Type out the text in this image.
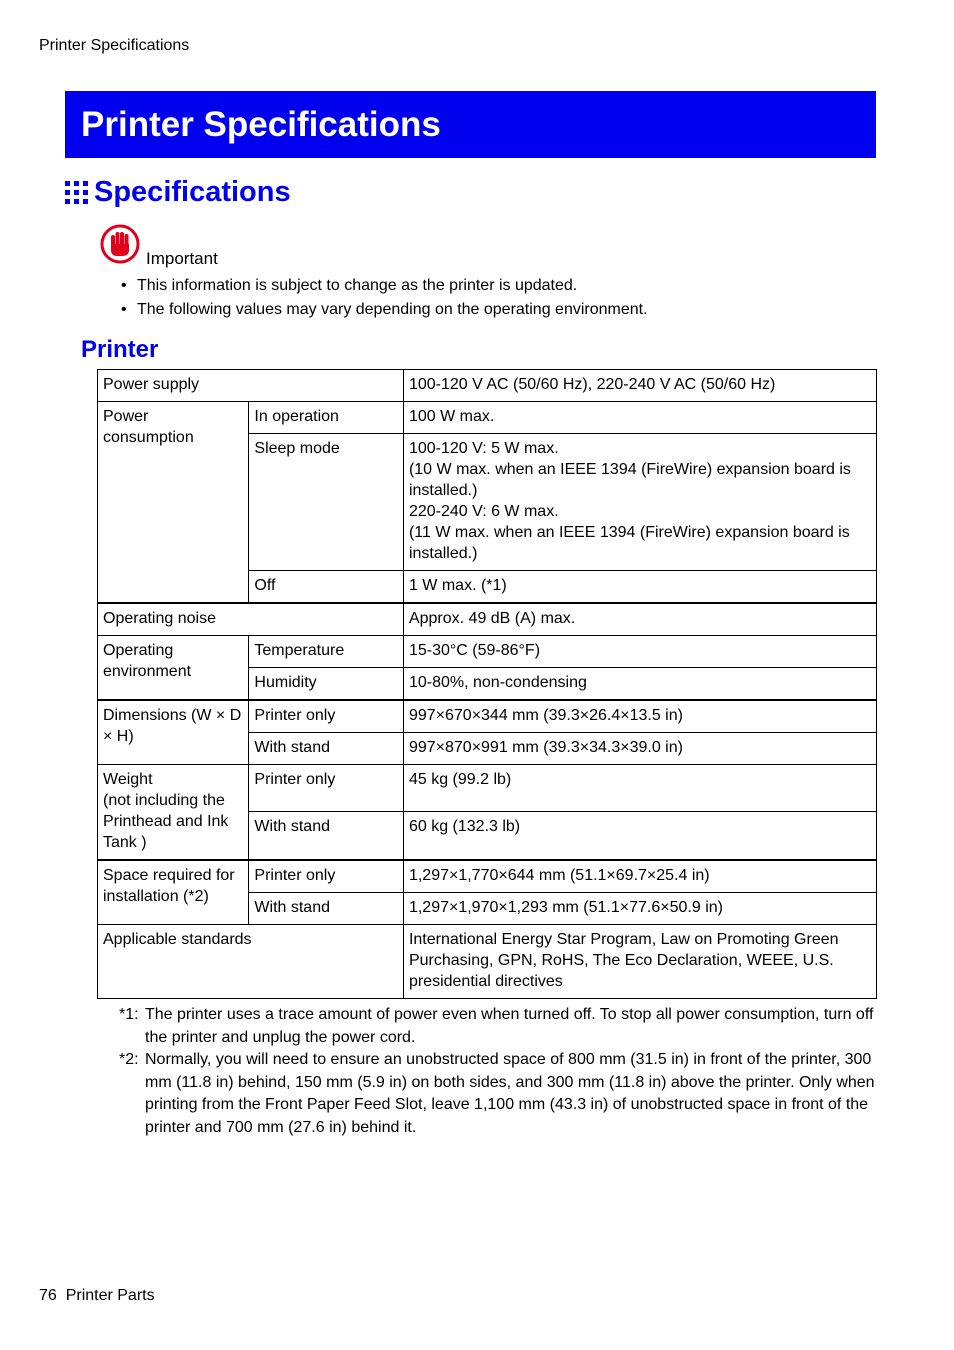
Printer Specifications
Printer Specifications
Specifications
Important
• This information is subject to change as the printer is updated.
• The following values may vary depending on the operating environment.
Printer
Power supply		100-120 V AC (50/60 Hz), 220-240 V AC (50/60 Hz)
Power consumption	In operation	100 W max.
	Sleep mode	100-120 V: 5 W max.
(10 W max. when an IEEE 1394 (FireWire) expansion board is installed.)
220-240 V: 6 W max.
(11 W max. when an IEEE 1394 (FireWire) expansion board is installed.)

	Off	1 W max. (*1)
Operating noise		Approx. 49 dB (A) max.
Operating environment	Temperature	15-30°C (59-86°F)
	Humidity	10-80%, non-condensing
Dimensions (W × D × H)	Printer only	997×670×344 mm (39.3×26.4×13.5 in)
	With stand	997×870×991 mm (39.3×34.3×39.0 in)

Weight
(not including the Printhead and Ink Tank )	Printer only	45 kg (99.2 lb)
	With stand	60 kg (132.3 lb)
Space required for installation (*2)	Printer only	1,297×1,770×644 mm (51.1×69.7×25.4 in)
	With stand	1,297×1,970×1,293 mm (51.1×77.6×50.9 in)
Applicable standards		International Energy Star Program, Law on Promoting Green Purchasing, GPN, RoHS, The Eco Declaration, WEEE, U.S. presidential directives
*1: The printer uses a trace amount of power even when turned off. To stop all power consumption, turn off the printer and unplug the power cord.
*2: Normally, you will need to ensure an unobstructed space of 800 mm (31.5 in) in front of the printer, 300 mm (11.8 in) behind, 150 mm (5.9 in) on both sides, and 300 mm (11.8 in) above the printer. Only when printing from the Front Paper Feed Slot, leave 1,100 mm (43.3 in) of unobstructed space in front of the printer and 700 mm (27.6 in) behind it.
76 Printer Parts
